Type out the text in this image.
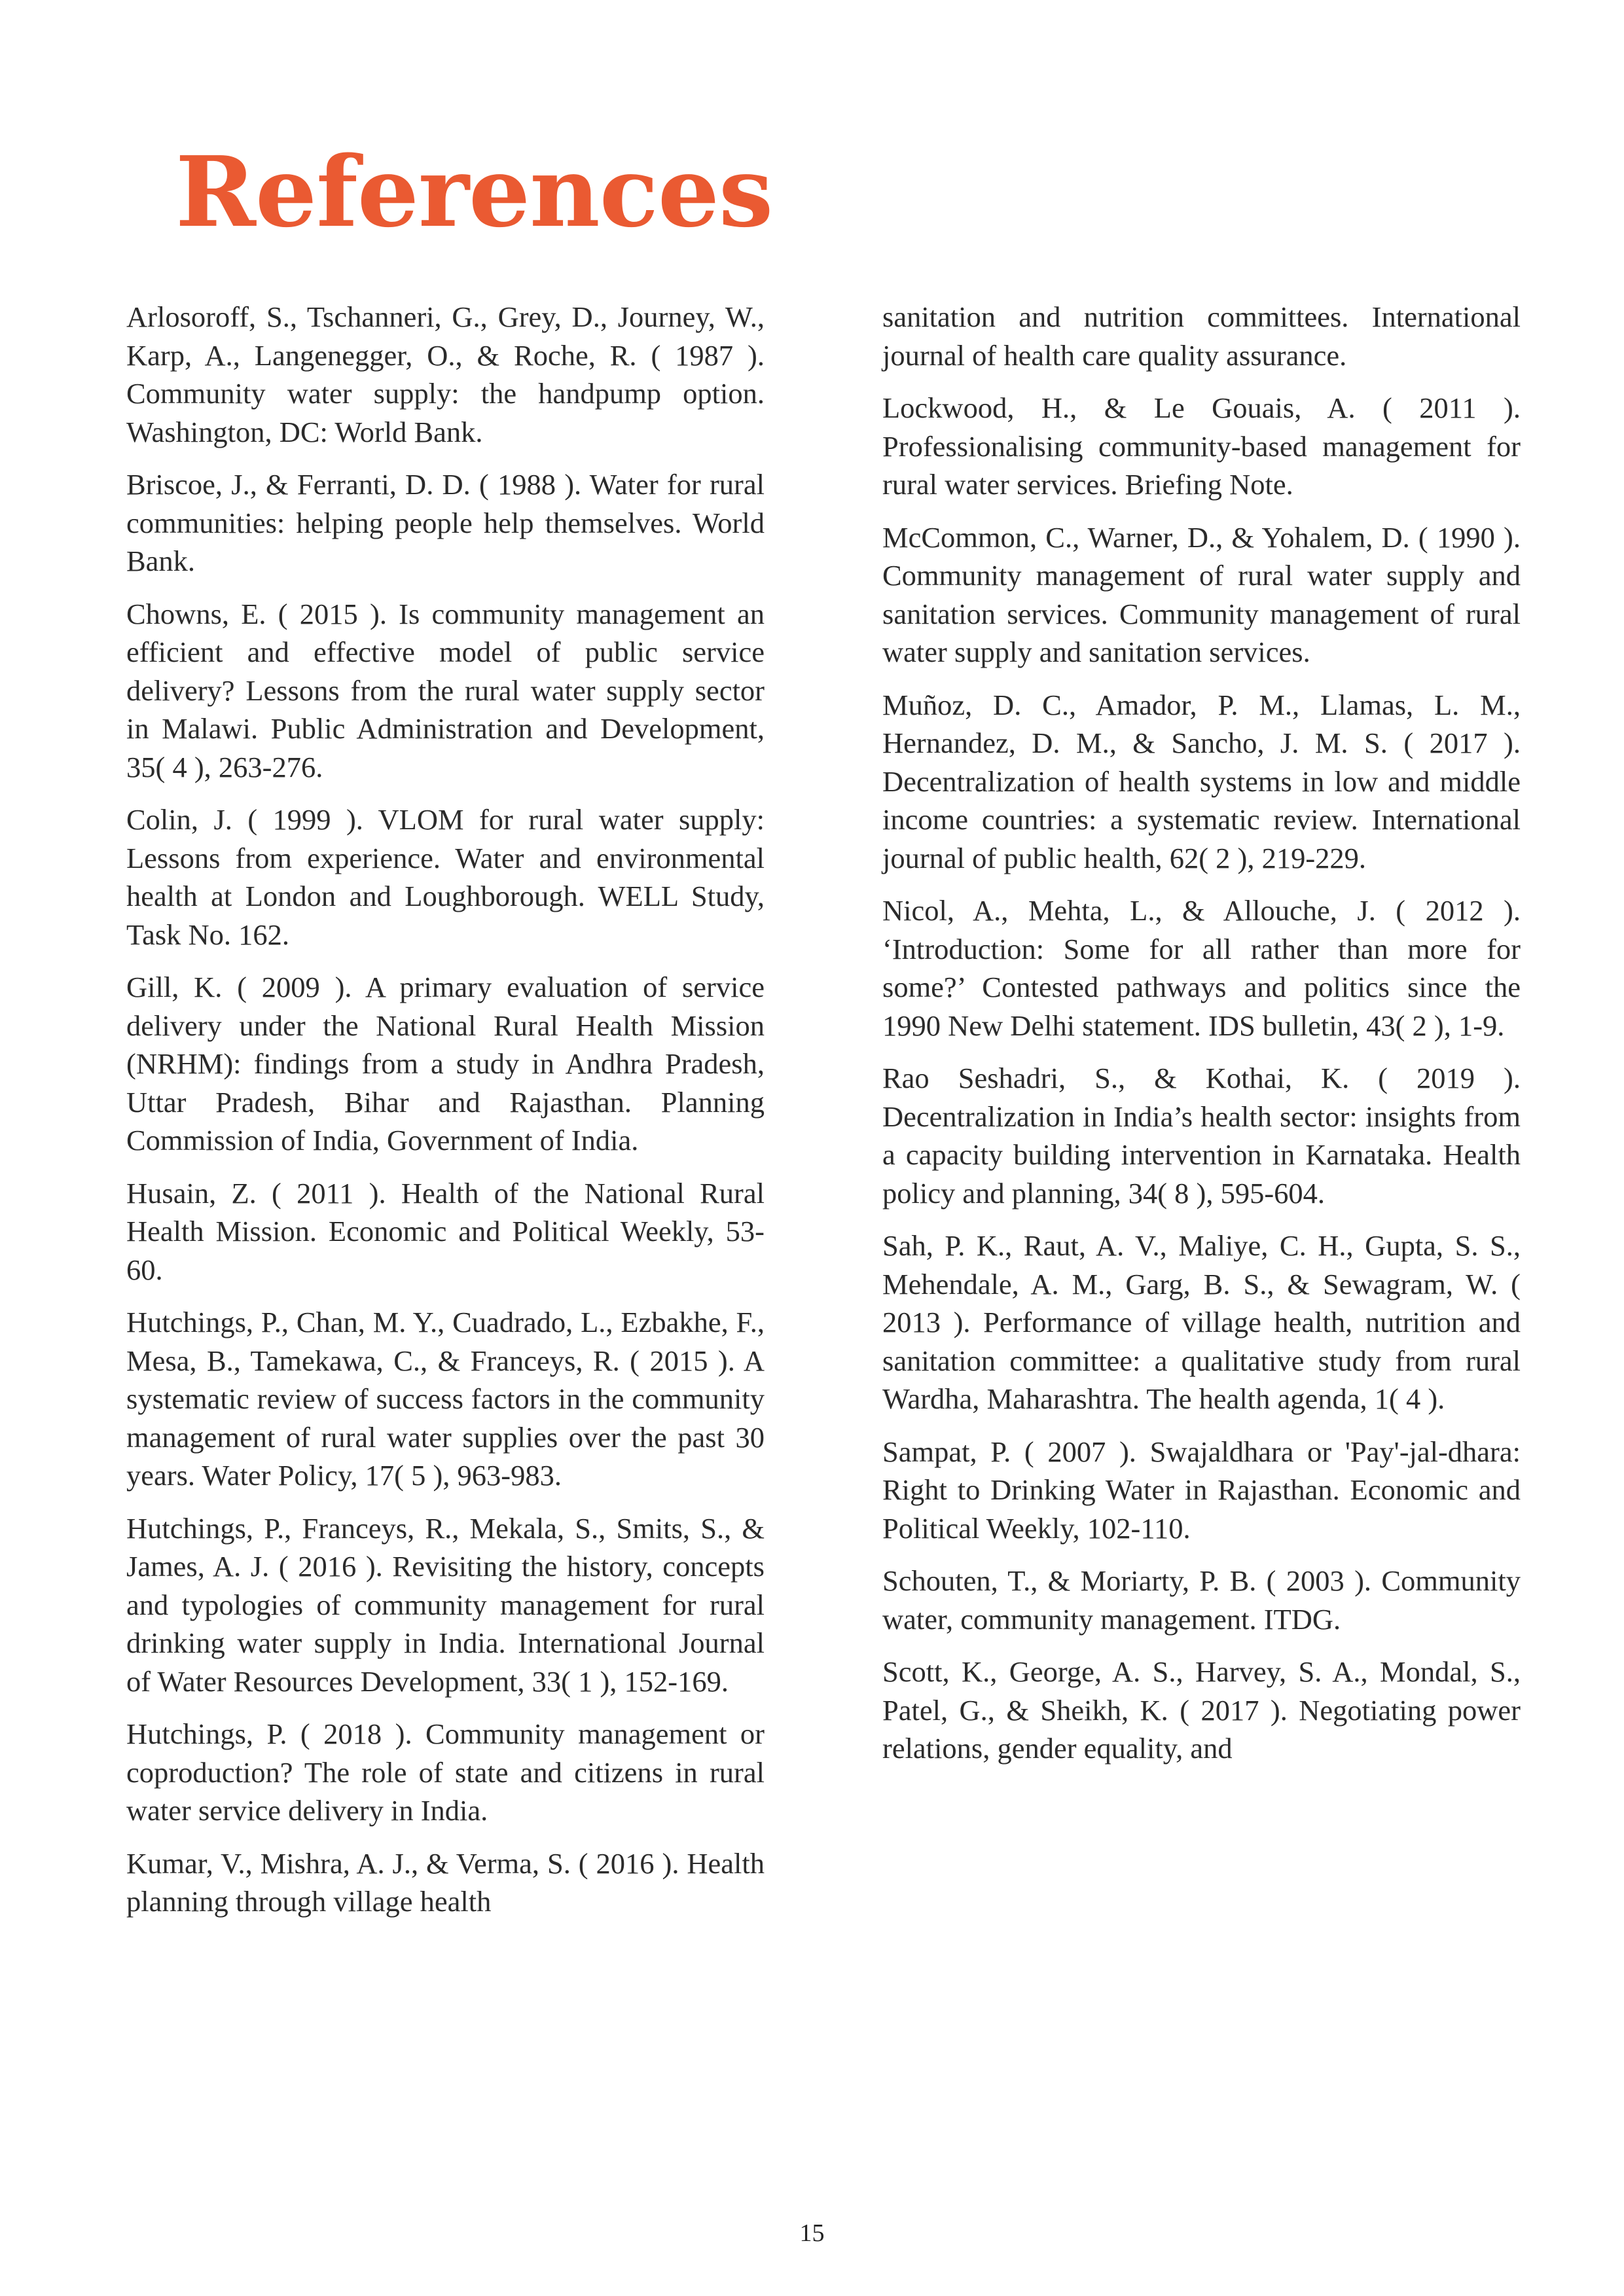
References

Arlosoroff, S., Tschanneri, G., Grey, D., Journey, W., Karp, A., Langenegger, O., & Roche, R. ( 1987 ). Community water supply: the handpump option. Washington, DC: World Bank.

Briscoe, J., & Ferranti, D. D. ( 1988 ). Water for rural communities: helping people help themselves. World Bank.

Chowns, E. ( 2015 ). Is community management an efficient and effective model of public service delivery? Lessons from the rural water supply sector in Malawi. Public Administration and Development, 35( 4 ), 263-276.

Colin, J. ( 1999 ). VLOM for rural water supply: Lessons from experience. Water and environmental health at London and Loughborough. WELL Study, Task No. 162.

Gill, K. ( 2009 ). A primary evaluation of service delivery under the National Rural Health Mission (NRHM): findings from a study in Andhra Pradesh, Uttar Pradesh, Bihar and Rajasthan. Planning Commission of India, Government of India.

Husain, Z. ( 2011 ). Health of the National Rural Health Mission. Economic and Political Weekly, 53-60.

Hutchings, P., Chan, M. Y., Cuadrado, L., Ezbakhe, F., Mesa, B., Tamekawa, C., & Franceys, R. ( 2015 ). A systematic review of success factors in the community management of rural water supplies over the past 30 years. Water Policy, 17( 5 ), 963-983.

Hutchings, P., Franceys, R., Mekala, S., Smits, S., & James, A. J. ( 2016 ). Revisiting the history, concepts and typologies of community management for rural drinking water supply in India. International Journal of Water Resources Development, 33( 1 ), 152-169.

Hutchings, P. ( 2018 ). Community management or coproduction? The role of state and citizens in rural water service delivery in India.

Kumar, V., Mishra, A. J., & Verma, S. ( 2016 ). Health planning through village health

sanitation and nutrition committees. International journal of health care quality assurance.

Lockwood, H., & Le Gouais, A. ( 2011 ). Professionalising community-based management for rural water services. Briefing Note.

McCommon, C., Warner, D., & Yohalem, D. ( 1990 ). Community management of rural water supply and sanitation services. Community management of rural water supply and sanitation services.

Muñoz, D. C., Amador, P. M., Llamas, L. M., Hernandez, D. M., & Sancho, J. M. S. ( 2017 ). Decentralization of health systems in low and middle income countries: a systematic review. International journal of public health, 62( 2 ), 219-229.

Nicol, A., Mehta, L., & Allouche, J. ( 2012 ). ‘Introduction: Some for all rather than more for some?’ Contested pathways and politics since the 1990 New Delhi statement. IDS bulletin, 43( 2 ), 1-9.

Rao Seshadri, S., & Kothai, K. ( 2019 ). Decentralization in India’s health sector: insights from a capacity building intervention in Karnataka. Health policy and planning, 34( 8 ), 595-604.

Sah, P. K., Raut, A. V., Maliye, C. H., Gupta, S. S., Mehendale, A. M., Garg, B. S., & Sewagram, W. ( 2013 ). Performance of village health, nutrition and sanitation committee: a qualitative study from rural Wardha, Maharashtra. The health agenda, 1( 4 ).

Sampat, P. ( 2007 ). Swajaldhara or 'Pay'-jal-dhara: Right to Drinking Water in Rajasthan. Economic and Political Weekly, 102-110.

Schouten, T., & Moriarty, P. B. ( 2003 ). Community water, community management. ITDG.

Scott, K., George, A. S., Harvey, S. A., Mondal, S., Patel, G., & Sheikh, K. ( 2017 ). Negotiating power relations, gender equality, and

15
